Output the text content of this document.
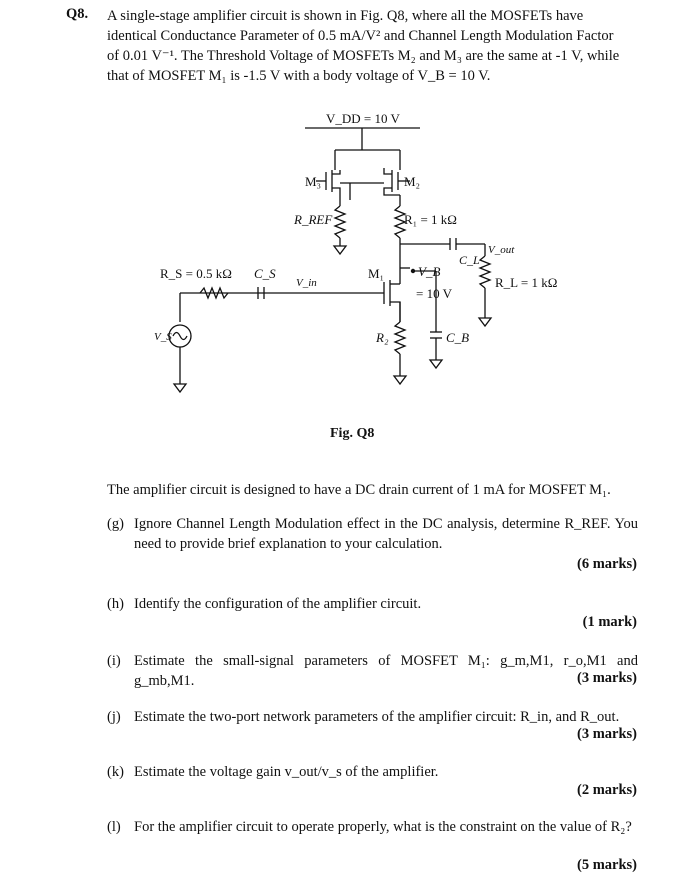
Q8. A single-stage amplifier circuit is shown in Fig. Q8, where all the MOSFETs have

identical Conductance Parameter of 0.5 mA/V² and Channel Length Modulation Factor

of 0.01 V⁻¹. The Threshold Voltage of MOSFETs M₂ and M₃ are the same at -1 V, while

that of MOSFET M₁ is -1.5 V with a body voltage of V_B = 10 V.

V_DD = 10 V
M₃	M₂
R_REF	R₁ = 1 kΩ
C_L
V_out
R_L = 1 kΩ
R_S = 0.5 kΩ C_S
V_in
M₁	V_B
= 10 V
V_S	R₂	C_B
Fig. Q8
The amplifier circuit is designed to have a DC drain current of 1 mA for MOSFET M₁.
(g) Ignore Channel Length Modulation effect in the DC analysis, determine R_REF. You need to provide brief explanation to your calculation.
(6 marks)
(h) Identify the configuration of the amplifier circuit.
(1 mark)
(i) Estimate the small-signal parameters of MOSFET M₁: g_m,M1, r_o,M1 and g_mb,M1.	(3 marks)
(j) Estimate the two-port network parameters of the amplifier circuit: R_in, and R_out.
(3 marks)
(k) Estimate the voltage gain v_out/v_s of the amplifier.
(2 marks)
(l) For the amplifier circuit to operate properly, what is the constraint on the value of R₂?
(5 marks)
